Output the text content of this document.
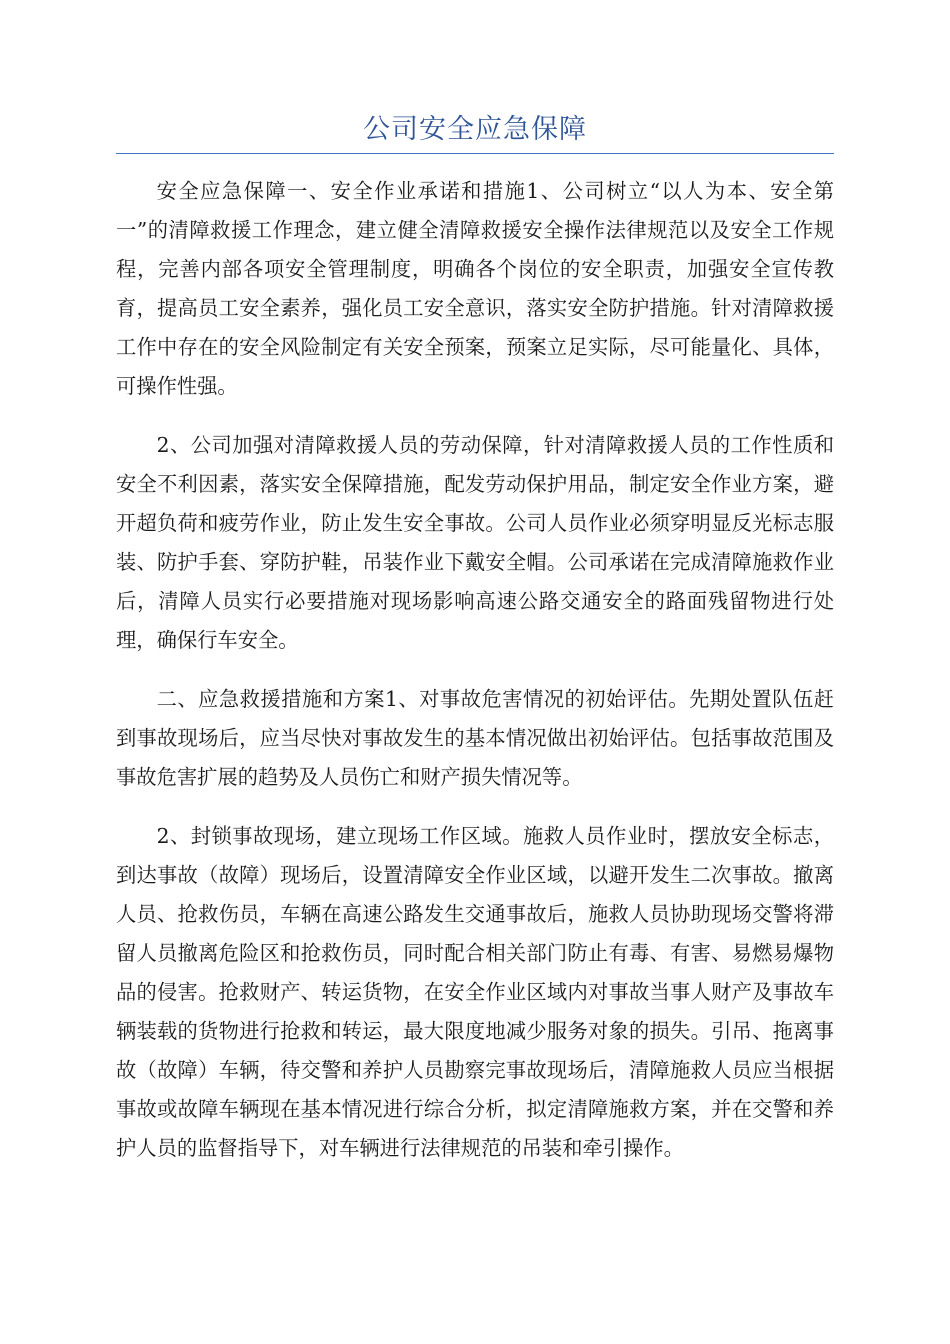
公司安全应急保障

安全应急保障一、安全作业承诺和措施1、公司树立“以人为本、安全第一”的清障救援工作理念，建立健全清障救援安全操作法律规范以及安全工作规程，完善内部各项安全管理制度，明确各个岗位的安全职责，加强安全宣传教育，提高员工安全素养，强化员工安全意识，落实安全防护措施。针对清障救援工作中存在的安全风险制定有关安全预案，预案立足实际，尽可能量化、具体，可操作性强。

2、公司加强对清障救援人员的劳动保障，针对清障救援人员的工作性质和安全不利因素，落实安全保障措施，配发劳动保护用品，制定安全作业方案，避开超负荷和疲劳作业，防止发生安全事故。公司人员作业必须穿明显反光标志服装、防护手套、穿防护鞋，吊装作业下戴安全帽。公司承诺在完成清障施救作业后，清障人员实行必要措施对现场影响高速公路交通安全的路面残留物进行处理，确保行车安全。

二、应急救援措施和方案1、对事故危害情况的初始评估。先期处置队伍赶到事故现场后，应当尽快对事故发生的基本情况做出初始评估。包括事故范围及事故危害扩展的趋势及人员伤亡和财产损失情况等。

2、封锁事故现场，建立现场工作区域。施救人员作业时，摆放安全标志，到达事故（故障）现场后，设置清障安全作业区域，以避开发生二次事故。撤离人员、抢救伤员，车辆在高速公路发生交通事故后，施救人员协助现场交警将滞留人员撤离危险区和抢救伤员，同时配合相关部门防止有毒、有害、易燃易爆物品的侵害。抢救财产、转运货物，在安全作业区域内对事故当事人财产及事故车辆装载的货物进行抢救和转运，最大限度地减少服务对象的损失。引吊、拖离事故（故障）车辆，待交警和养护人员勘察完事故现场后，清障施救人员应当根据事故或故障车辆现在基本情况进行综合分析，拟定清障施救方案，并在交警和养护人员的监督指导下，对车辆进行法律规范的吊装和牵引操作。
